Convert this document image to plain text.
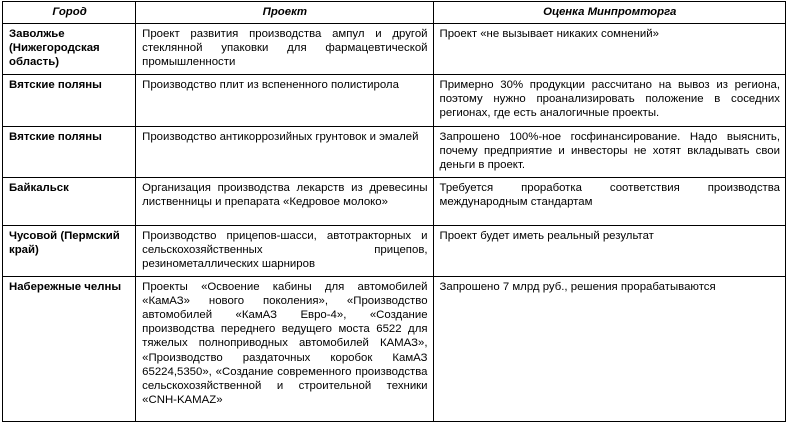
Город	Проект	Оценка Минпромторга
Заволжье (Нижегородская область)	Проект развития производства ампул и другой стеклянной упаковки для фармацевтической промышленности	Проект «не вызывает никаких сомнений»
Вятские поляны	Производство плит из вспененного полистирола	Примерно 30% продукции рассчитано на вывоз из региона, поэтому нужно проанализировать положение в соседних регионах, где есть аналогичные проекты.
Вятские поляны	Производство антикоррозийных грунтовок и эмалей	Запрошено 100%-ное госфинансирование. Надо выяснить, почему предприятие и инвесторы не хотят вкладывать свои деньги в проект.
Байкальск	Организация производства лекарств из древесины лиственницы и препарата «Кедровое молоко»	Требуется проработка соответствия производства международным стандартам
Чусовой (Пермский край)	Производство прицепов-шасси, автотракторных и сельскохозяйственных прицепов, резинометаллических шарниров	Проект будет иметь реальный результат
Набережные челны	Проекты «Освоение кабины для автомобилей «КамАЗ» нового поколения», «Производство автомобилей «КамАЗ Евро-4», «Создание производства переднего ведущего моста 6522 для тяжелых полноприводных автомобилей КАМАЗ», «Производство раздаточных коробок КамАЗ 65224,5350», «Создание современного производства сельскохозяйственной и строительной техники «CNH-KAMAZ»	Запрошено 7 млрд руб., решения прорабатываются
